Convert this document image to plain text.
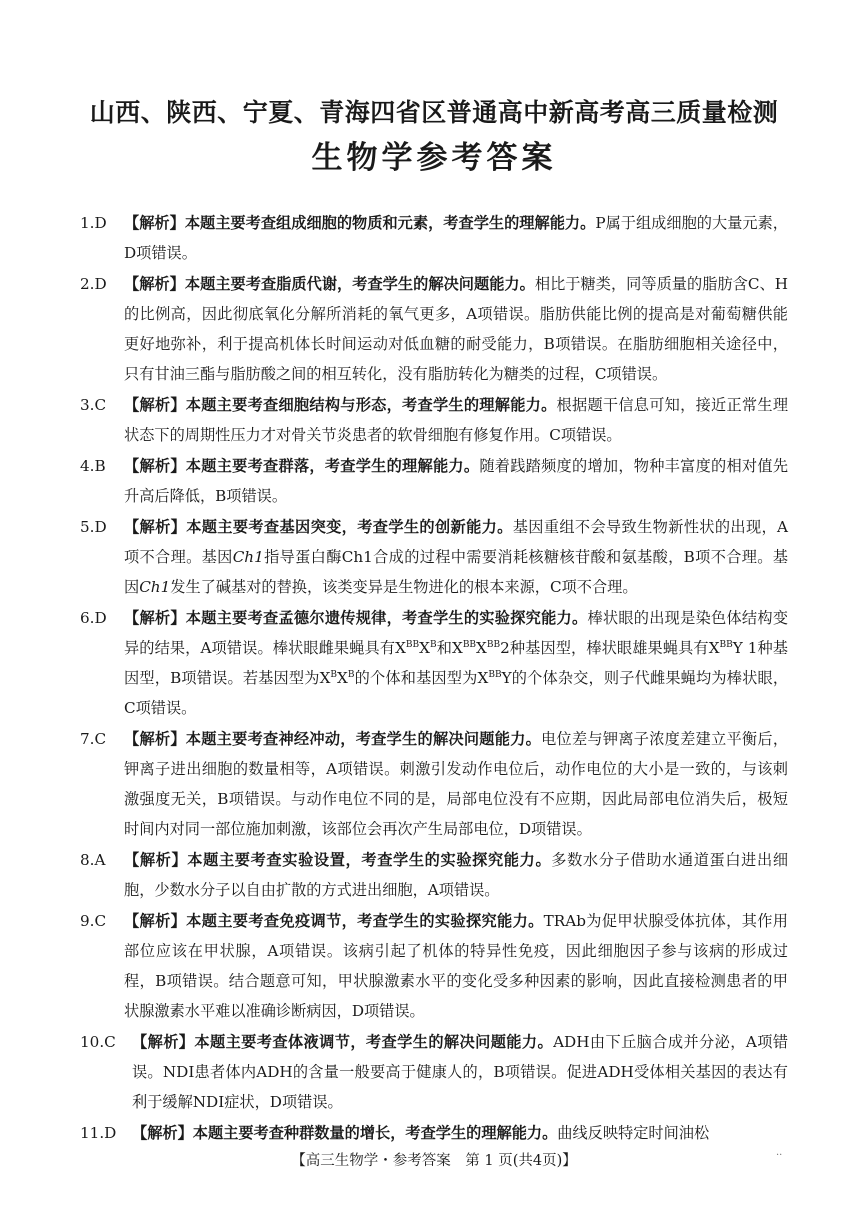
山西、陕西、宁夏、青海四省区普通高中新高考高三质量检测
生物学参考答案
1.D	【解析】本题主要考查组成细胞的物质和元素，考查学生的理解能力。P属于组成细胞的大量元素，D项错误。
2.D	【解析】本题主要考查脂质代谢，考查学生的解决问题能力。相比于糖类，同等质量的脂肪含C、H的比例高，因此彻底氧化分解所消耗的氧气更多，A项错误。脂肪供能比例的提高是对葡萄糖供能更好地弥补，利于提高机体长时间运动对低血糖的耐受能力，B项错误。在脂肪细胞相关途径中，只有甘油三酯与脂肪酸之间的相互转化，没有脂肪转化为糖类的过程，C项错误。
3.C	【解析】本题主要考查细胞结构与形态，考查学生的理解能力。根据题干信息可知，接近正常生理状态下的周期性压力才对骨关节炎患者的软骨细胞有修复作用。C项错误。
4.B	【解析】本题主要考查群落，考查学生的理解能力。随着践踏频度的增加，物种丰富度的相对值先升高后降低，B项错误。
5.D	【解析】本题主要考查基因突变，考查学生的创新能力。基因重组不会导致生物新性状的出现，A项不合理。基因Ch1指导蛋白酶Ch1合成的过程中需要消耗核糖核苷酸和氨基酸，B项不合理。基因Ch1发生了碱基对的替换，该类变异是生物进化的根本来源，C项不合理。
6.D	【解析】本题主要考查孟德尔遗传规律，考查学生的实验探究能力。棒状眼的出现是染色体结构变异的结果，A项错误。棒状眼雌果蝇具有$X^{BB}X^B$和$X^{BB}X^{BB}2$种基因型，棒状眼雄果蝇具有$X^{BB}Y$ 1种基因型，B项错误。若基因型为$X^BX^B$的个体和基因型为$X^{BB}Y$的个体杂交，则子代雌果蝇均为棒状眼，C项错误。
7.C	【解析】本题主要考查神经冲动，考查学生的解决问题能力。电位差与钾离子浓度差建立平衡后，钾离子进出细胞的数量相等，A项错误。刺激引发动作电位后，动作电位的大小是一致的，与该刺激强度无关，B项错误。与动作电位不同的是，局部电位没有不应期，因此局部电位消失后，极短时间内对同一部位施加刺激，该部位会再次产生局部电位，D项错误。
8.A	【解析】本题主要考查实验设置，考查学生的实验探究能力。多数水分子借助水通道蛋白进出细胞，少数水分子以自由扩散的方式进出细胞，A项错误。
9.C	【解析】本题主要考查免疫调节，考查学生的实验探究能力。TRAb为促甲状腺受体抗体，其作用部位应该在甲状腺，A项错误。该病引起了机体的特异性免疫，因此细胞因子参与该病的形成过程，B项错误。结合题意可知，甲状腺激素水平的变化受多种因素的影响，因此直接检测患者的甲状腺激素水平难以准确诊断病因，D项错误。
10.C	【解析】本题主要考查体液调节，考查学生的解决问题能力。ADH由下丘脑合成并分泌，A项错误。NDI患者体内ADH的含量一般要高于健康人的，B项错误。促进ADH受体相关基因的表达有利于缓解NDI症状，D项错误。
11.D	【解析】本题主要考查种群数量的增长，考查学生的理解能力。曲线反映特定时间油松
【高三生物学・参考答案　第 1 页(共4页)】	··
